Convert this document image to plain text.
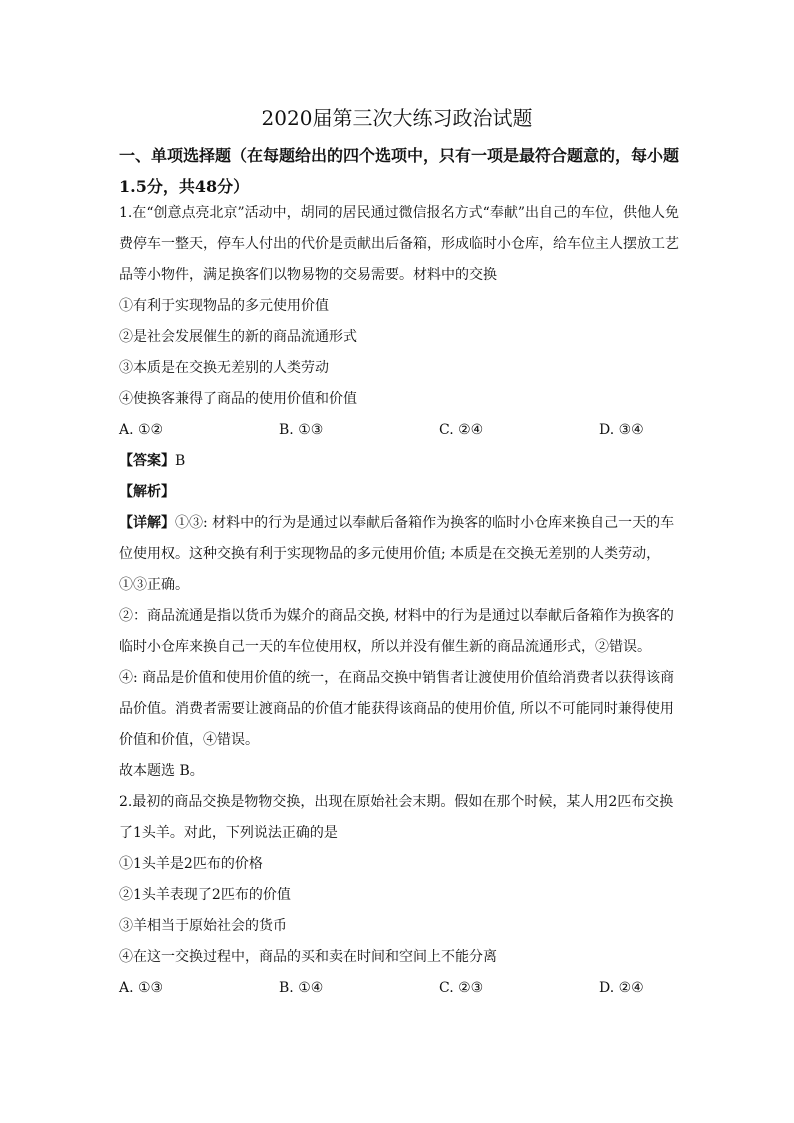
2020届第三次大练习政治试题

一、单项选择题（在每题给出的四个选项中，只有一项是最符合题意的，每小题1.5分，共48分）

1.在“创意点亮北京”活动中，胡同的居民通过微信报名方式“奉献”出自己的车位，供他人免费停车一整天，停车人付出的代价是贡献出后备箱，形成临时小仓库，给车位主人摆放工艺品等小物件，满足换客们以物易物的交易需要。材料中的交换

①有利于实现物品的多元使用价值

②是社会发展催生的新的商品流通形式

③本质是在交换无差别的人类劳动

④使换客兼得了商品的使用价值和价值

A. ①②	B. ①③	C. ②④	D. ③④

【答案】B

【解析】

【详解】①③: 材料中的行为是通过以奉献后备箱作为换客的临时小仓库来换自己一天的车位使用权。这种交换有利于实现物品的多元使用价值; 本质是在交换无差别的人类劳动，①③正确。

②：商品流通是指以货币为媒介的商品交换, 材料中的行为是通过以奉献后备箱作为换客的临时小仓库来换自己一天的车位使用权，所以并没有催生新的商品流通形式，②错误。

④: 商品是价值和使用价值的统一，在商品交换中销售者让渡使用价值给消费者以获得该商品价值。消费者需要让渡商品的价值才能获得该商品的使用价值, 所以不可能同时兼得使用价值和价值，④错误。

故本题选 B。

2.最初的商品交换是物物交换，出现在原始社会末期。假如在那个时候，某人用2匹布交换了1头羊。对此，下列说法正确的是

①1头羊是2匹布的价格

②1头羊表现了2匹布的价值

③羊相当于原始社会的货币

④在这一交换过程中，商品的买和卖在时间和空间上不能分离

A. ①③	B. ①④	C. ②③	D. ②④
